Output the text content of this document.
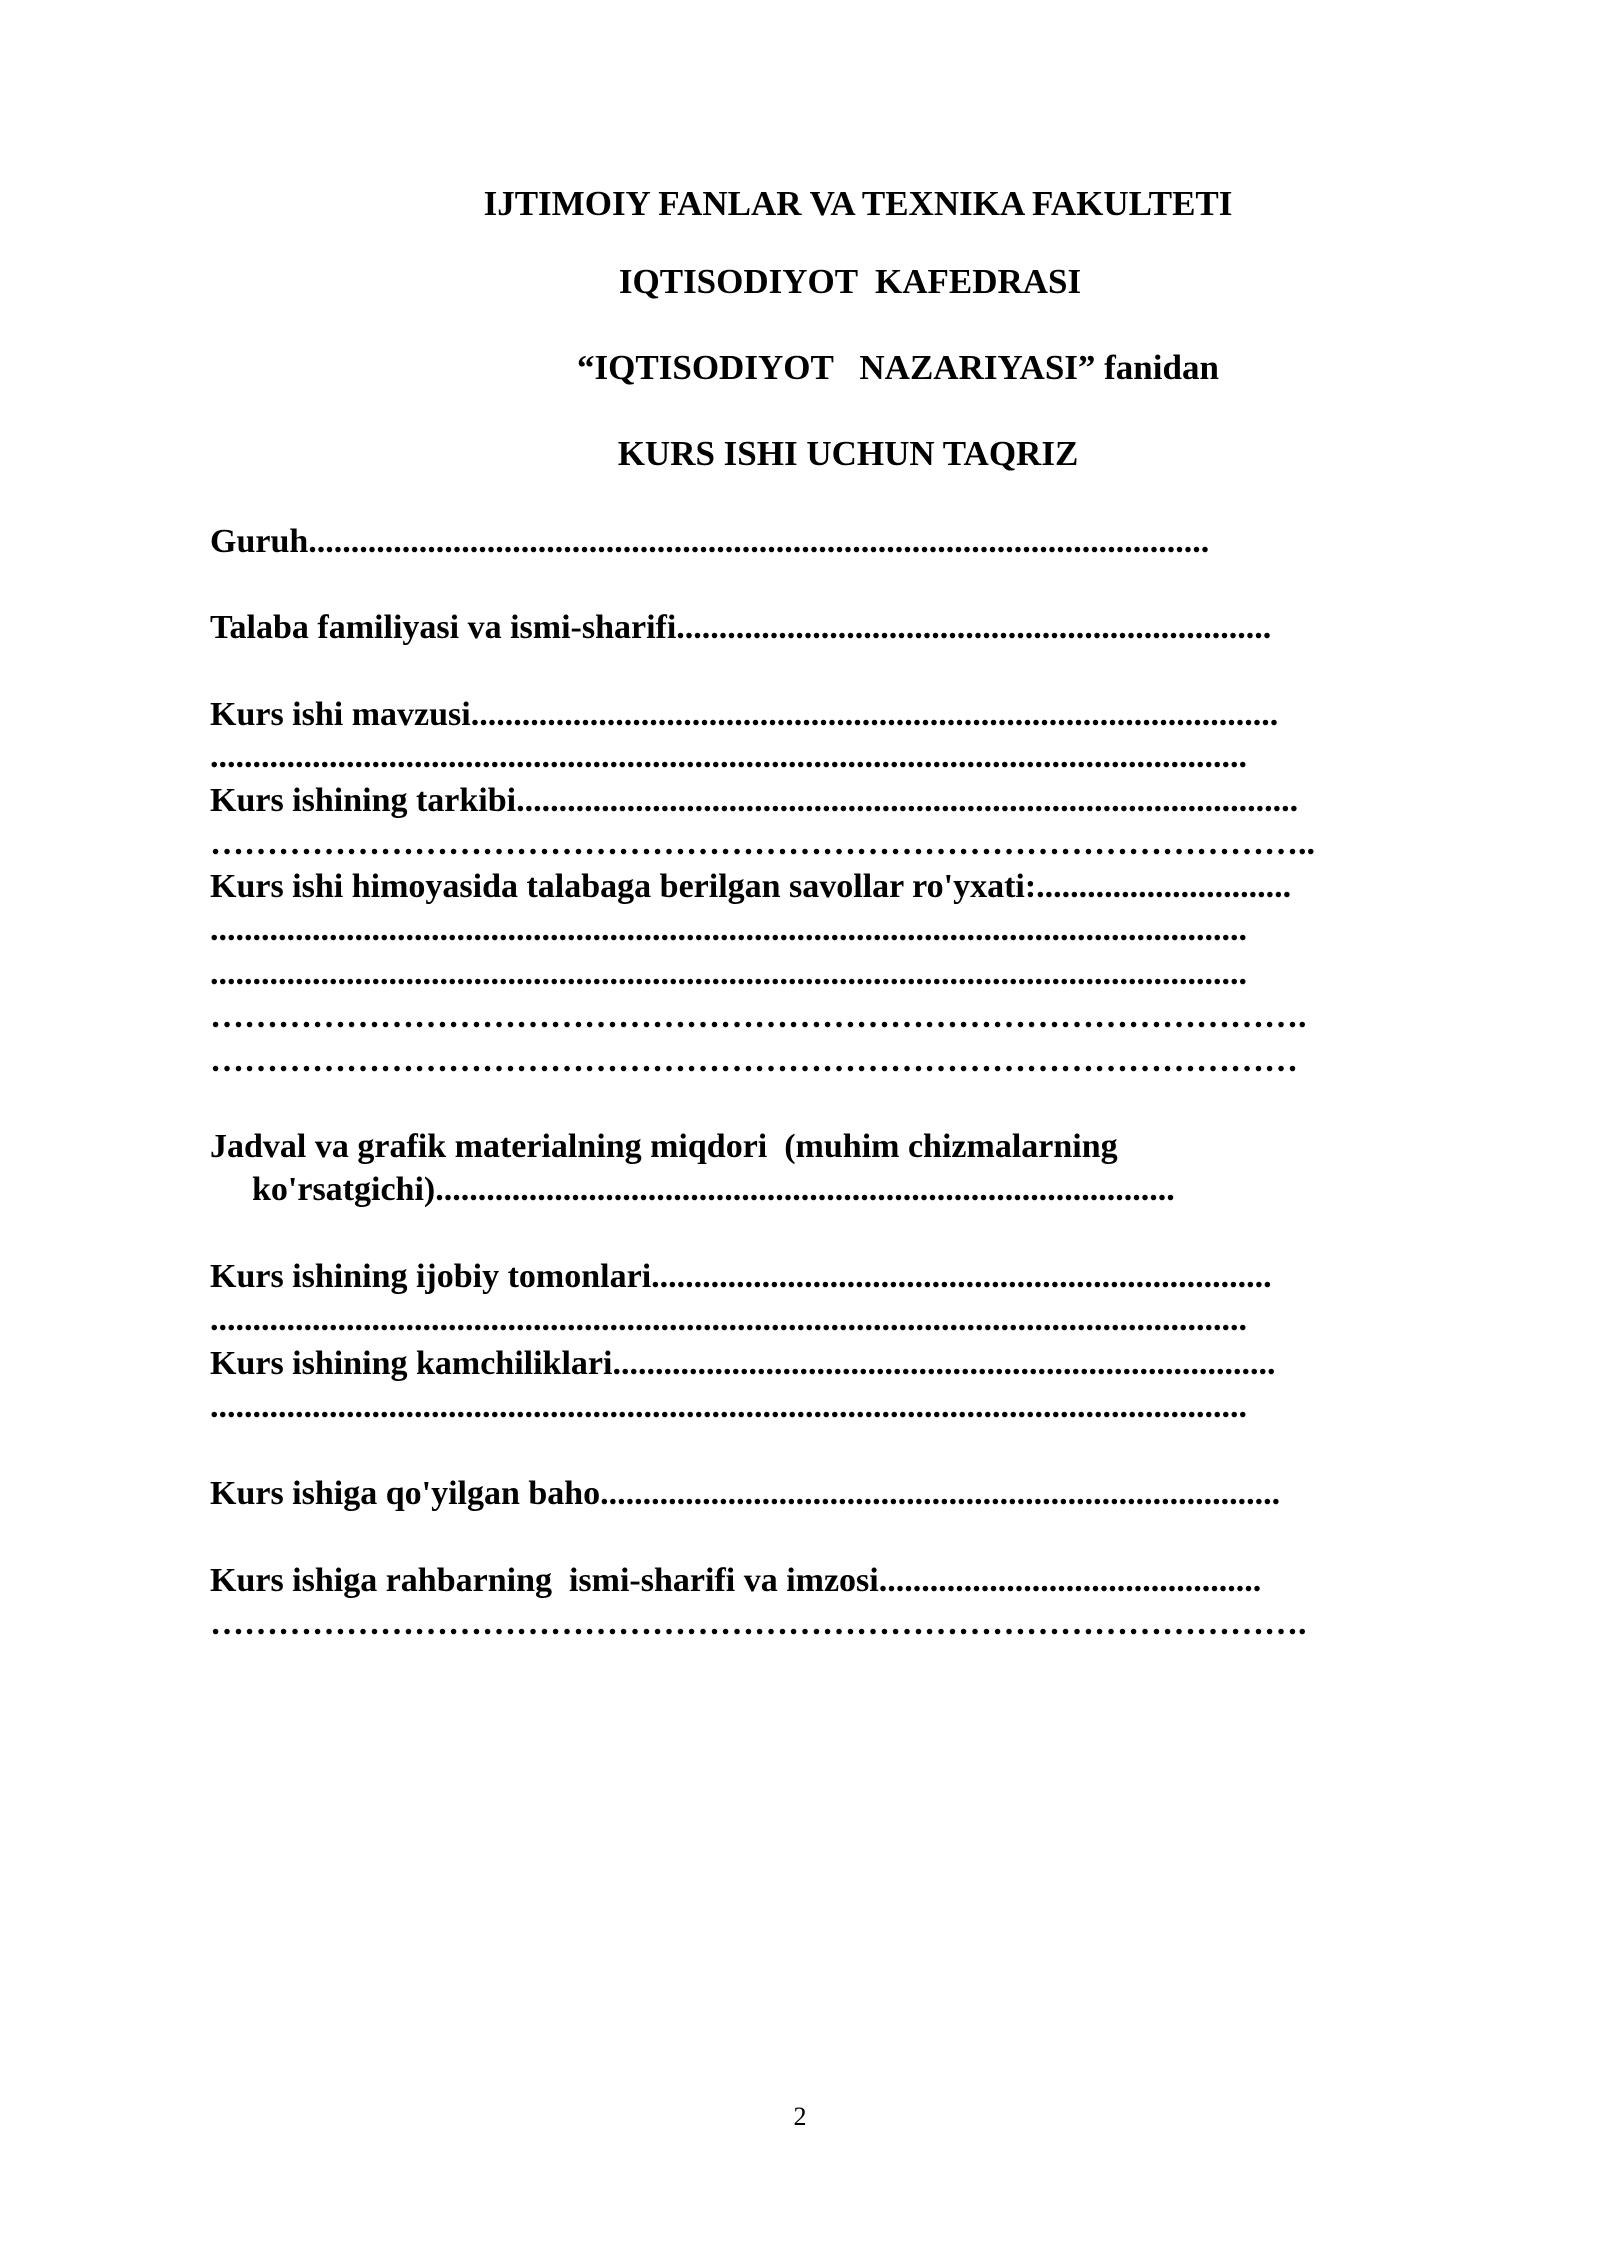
IJTIMOIY FANLAR VA TEXNIKA FAKULTETI

IQTISODIYOT  KAFEDRASI

“IQTISODIYOT   NAZARIYASI” fanidan

KURS ISHI UCHUN TAQRIZ

Guruh..........................................................................................................

Talaba familiyasi va ismi-sharifi......................................................................

Kurs ishi mavzusi...............................................................................................

..........................................................................................................................

Kurs ishining tarkibi............................................................................................

……………………………………………………………………………………..

Kurs ishi himoyasida talabaga berilgan savollar ro'yxati:..............................

..........................................................................................................................

..........................................................................................................................

…………………………………………………………………………………….

……………………………………………………………………………………

Jadval va grafik materialning miqdori  (muhim chizmalarning

ko'rsatgichi).......................................................................................

Kurs ishining ijobiy tomonlari.........................................................................

..........................................................................................................................

Kurs ishining kamchiliklari..............................................................................

..........................................................................................................................

Kurs ishiga qo'yilgan baho................................................................................

Kurs ishiga rahbarning  ismi-sharifi va imzosi.............................................

…………………………………………………………………………………….

2
